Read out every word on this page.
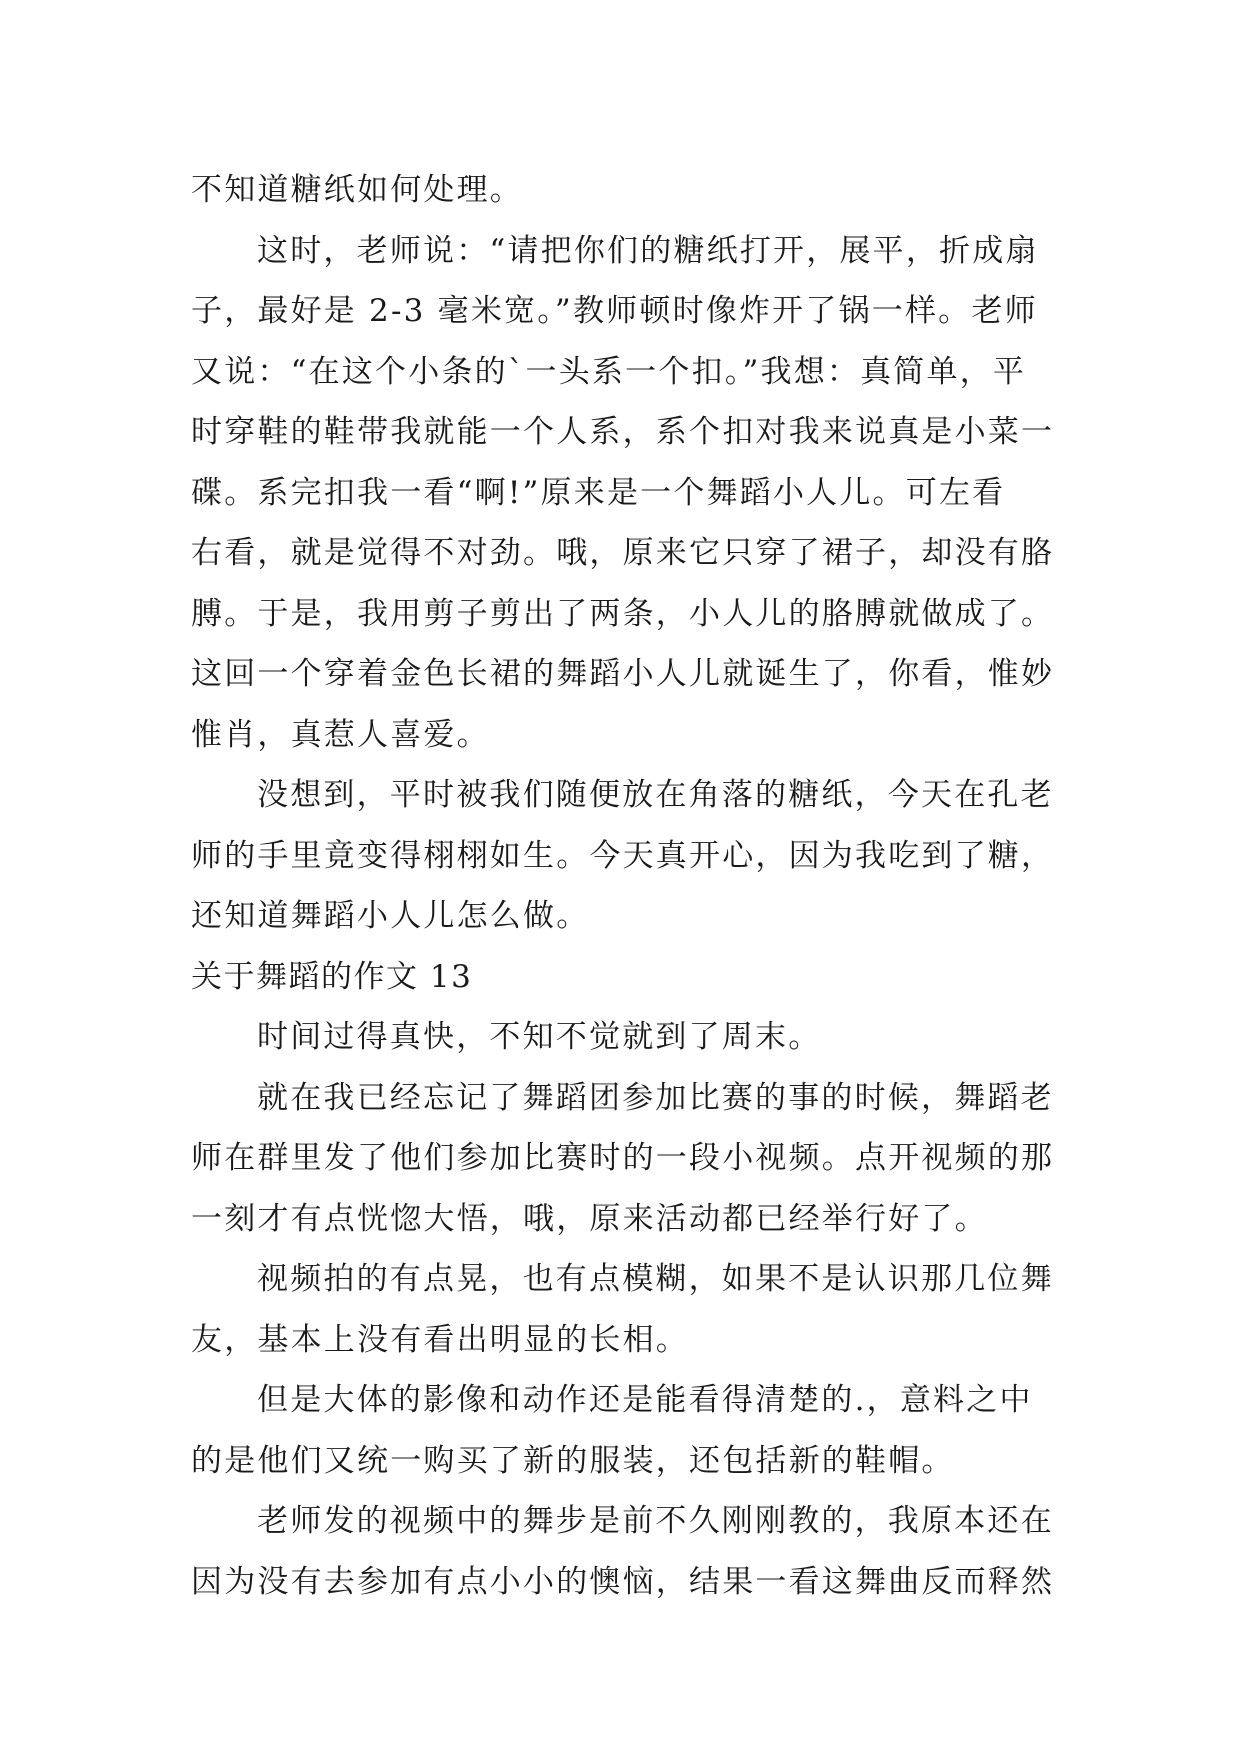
不知道糖纸如何处理。
这时，老师说：“请把你们的糖纸打开，展平，折成扇
子，最好是 2-3 毫米宽。”教师顿时像炸开了锅一样。老师
又说：“在这个小条的`一头系一个扣。”我想：真简单，平
时穿鞋的鞋带我就能一个人系，系个扣对我来说真是小菜一
碟。系完扣我一看“啊!”原来是一个舞蹈小人儿。可左看
右看，就是觉得不对劲。哦，原来它只穿了裙子，却没有胳
膊。于是，我用剪子剪出了两条，小人儿的胳膊就做成了。
这回一个穿着金色长裙的舞蹈小人儿就诞生了，你看，惟妙
惟肖，真惹人喜爱。
没想到，平时被我们随便放在角落的糖纸，今天在孔老
师的手里竟变得栩栩如生。今天真开心，因为我吃到了糖，
还知道舞蹈小人儿怎么做。
关于舞蹈的作文 13
时间过得真快，不知不觉就到了周末。
就在我已经忘记了舞蹈团参加比赛的事的时候，舞蹈老
师在群里发了他们参加比赛时的一段小视频。点开视频的那
一刻才有点恍惚大悟，哦，原来活动都已经举行好了。
视频拍的有点晃，也有点模糊，如果不是认识那几位舞
友，基本上没有看出明显的长相。
但是大体的影像和动作还是能看得清楚的.，意料之中
的是他们又统一购买了新的服装，还包括新的鞋帽。
老师发的视频中的舞步是前不久刚刚教的，我原本还在
因为没有去参加有点小小的懊恼，结果一看这舞曲反而释然
